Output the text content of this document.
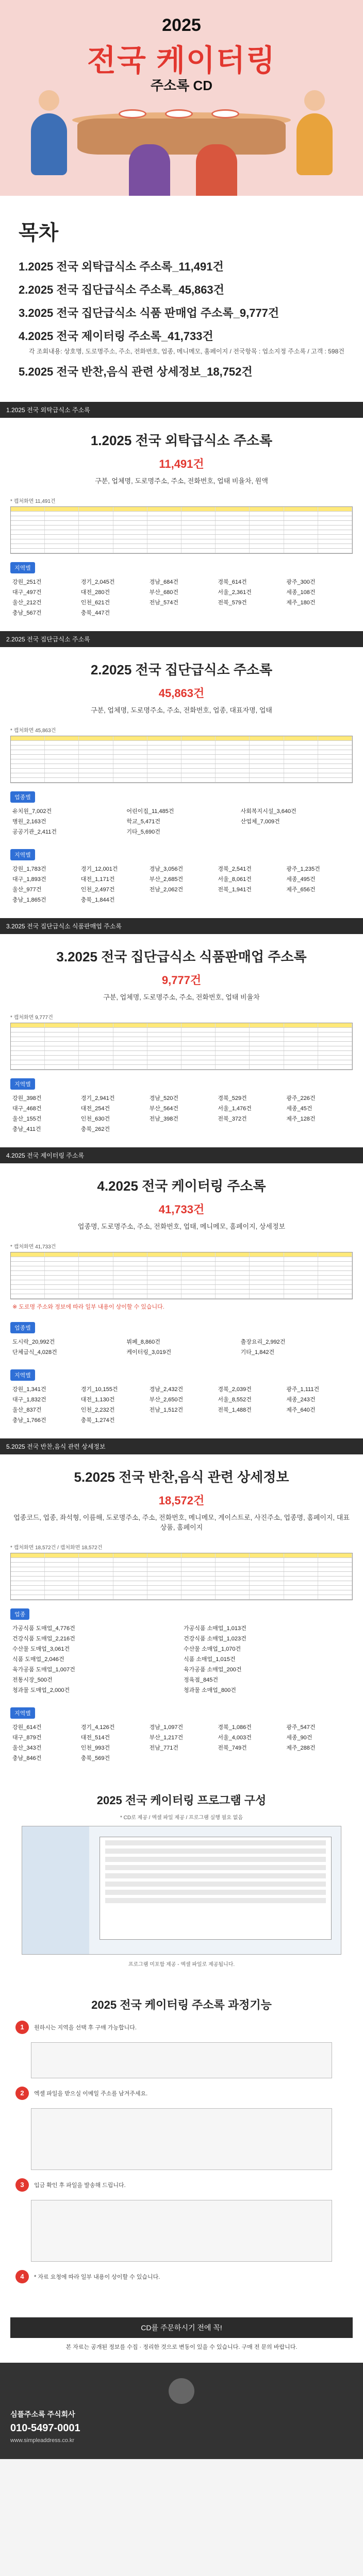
2025
전국 케이터링
주소록 CD
목차
1.2025 전국 외탁급식소 주소록_11,491건
2.2025 전국 집단급식소 주소록_45,863건
3.2025 전국 집단급식소 식품 판매업 주소록_9,777건
4.2025 전국 제이터링 주소록_41,733건
각 조회내용: 상호명, 도로명주소, 주소, 전화번호, 업종, 메니메모, 홈페이지 / 전국항목 : 업소지정 주소록 / 고객 : 598건
5.2025 전국 반찬,음식 관련 상세정보_18,752건
1.2025 전국 외탁급식소 주소록
1.2025 전국 외탁급식소 주소록
11,491건
구분, 업체명, 도로명주소, 주소, 전화번호, 업태 비율차, 원액
* 캡처화면 11,491건
지역별
강원_251건	경기_2,045건	경남_684건	경북_614건	광주_300건
대구_497건	대전_280건	부산_680건	서울_2,361건	세종_108건
울산_212건	인천_621건	전남_574건	전북_579건	제주_180건
충남_567건	충북_447건
2.2025 전국 집단급식소 주소록
2.2025 전국 집단급식소 주소록
45,863건
구분, 업체명, 도로명주소, 주소, 전화번호, 업종, 대표자명, 업태
* 캡처화면 45,863건
업종별
유치원_7,002건	어린이집_11,485건	사회복지시설_3,640건
병원_2,163건	학교_5,471건	산업체_7,009건
공공기관_2,411건	기타_5,690건
지역별
강원_1,783건	경기_12,001건	경남_3,056건	경북_2,541건	광주_1,235건
대구_1,893건	대전_1,171건	부산_2,685건	서울_8,061건	세종_495건
울산_977건	인천_2,497건	전남_2,062건	전북_1,941건	제주_656건
충남_1,865건	충북_1,844건
3.2025 전국 집단급식소 식품판매업 주소록
3.2025 전국 집단급식소 식품판매업 주소록
9,777건
구분, 업체명, 도로명주소, 주소, 전화번호, 업태 비율차
* 캡처화면 9,777건
지역별
강원_398건	경기_2,941건	경남_520건	경북_529건	광주_226건
대구_468건	대전_254건	부산_564건	서울_1,476건	세종_45건
울산_155건	인천_630건	전남_398건	전북_372건	제주_128건
충남_411건	충북_262건
4.2025 전국 제이터링 주소록
4.2025 전국 케이터링 주소록
41,733건
업종명, 도로명주소, 주소, 전화번호, 업태, 메니메모, 홈페이지, 상세정보
* 캡처화면 41,733건
※ 도로명 주소와 정보에 따라 일부 내용이 상이할 수 있습니다.
업종별
도시락_20,992건	뷔페_8,860건	출장요리_2,992건
단체급식_4,028건	케이터링_3,019건	기타_1,842건
지역별
강원_1,341건	경기_10,155건	경남_2,432건	경북_2,039건	광주_1,111건
대구_1,832건	대전_1,130건	부산_2,650건	서울_8,552건	세종_243건
울산_837건	인천_2,232건	전남_1,512건	전북_1,488건	제주_640건
충남_1,766건	충북_1,274건
5.2025 전국 반찬,음식 관련 상세정보
5.2025 전국 반찬,음식 관련 상세정보
18,572건
업종코드, 업종, 좌석형, 이름해, 도로명주소, 주소, 전화번호, 메니메모, 게이스트로, 사진주소, 업종명, 홈페이지, 대표상품, 홈페이지
* 캡처화면 18,572건 / 캡처화면 18,572건
업종
가공식품 도매업_4,776건	가공식품 소매업_1,013건
건강식품 도매업_2,216건	건강식품 소매업_1,023건
수산물 도매업_3,061건	수산물 소매업_1,070건
식품 도매업_2,046건	식품 소매업_1,015건
육가공품 도매업_1,007건	육가공품 소매업_200건
전통시장_500건	정육점_845건
청과물 도매업_2,000건	청과물 소매업_800건
지역별
강원_614건	경기_4,126건	경남_1,097건	경북_1,086건	광주_547건
대구_879건	대전_514건	부산_1,217건	서울_4,003건	세종_90건
울산_343건	인천_993건	전남_771건	전북_749건	제주_288건
충남_846건	충북_569건
2025 전국 케이터링 프로그램 구성
* CD로 제공 / 엑셀 파일 제공 / 프로그램 실행 필요 없음
프로그램 미포함 제공 - 엑셀 파일로 제공됩니다.
2025 전국 케이터링 주소록 과정기능
1	원하시는 지역을 선택 후 구매 가능합니다.
2	엑셀 파일을 받으실 이메일 주소를 남겨주세요.
3	입금 확인 후 파일을 발송해 드립니다.
4	* 자료 요청에 따라 일부 내용이 상이할 수 있습니다.
CD를 주문하시기 전에 꼭!
본 자료는 공개된 정보를 수집 · 정리한 것으로 변동이 있을 수 있습니다. 구매 전 문의 바랍니다.
심플주소록 주식회사
010-5497-0001
www.simpleaddress.co.kr
